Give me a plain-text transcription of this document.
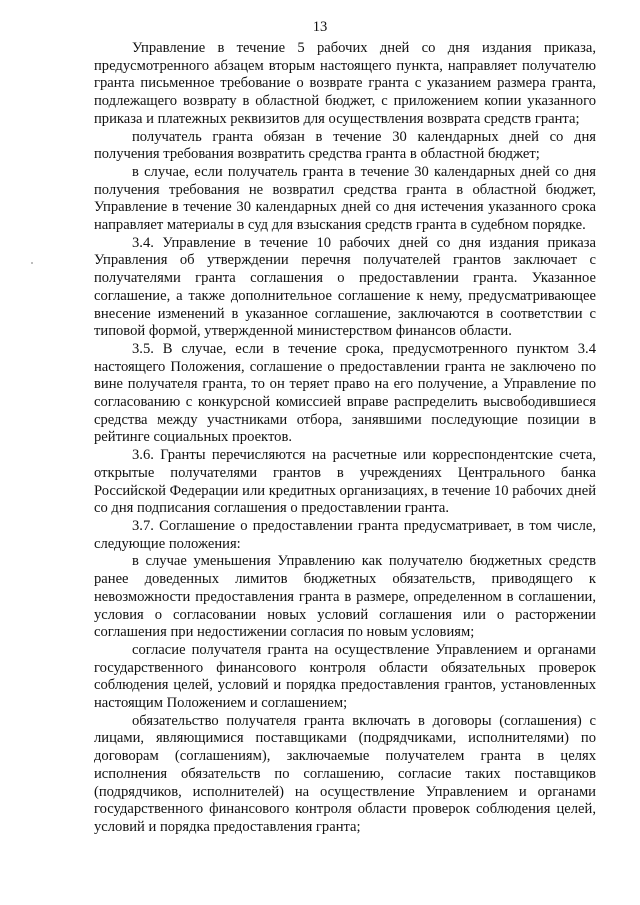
13

Управление в течение 5 рабочих дней со дня издания приказа, предусмотренного абзацем вторым настоящего пункта, направляет получателю гранта письменное требование о возврате гранта с указанием размера гранта, подлежащего возврату в областной бюджет, с приложением копии указанного приказа и платежных реквизитов для осуществления возврата средств гранта;

получатель гранта обязан в течение 30 календарных дней со дня получения требования возвратить средства гранта в областной бюджет;

в случае, если получатель гранта в течение 30 календарных дней со дня получения требования не возвратил средства гранта в областной бюджет, Управление в течение 30 календарных дней со дня истечения указанного срока направляет материалы в суд для взыскания средств гранта в судебном порядке.

3.4. Управление в течение 10 рабочих дней со дня издания приказа Управления об утверждении перечня получателей грантов заключает с получателями гранта соглашения о предоставлении гранта. Указанное соглашение, а также дополнительное соглашение к нему, предусматривающее внесение изменений в указанное соглашение, заключаются в соответствии с типовой формой, утвержденной министерством финансов области.

3.5. В случае, если в течение срока, предусмотренного пунктом 3.4 настоящего Положения, соглашение о предоставлении гранта не заключено по вине получателя гранта, то он теряет право на его получение, а Управление по согласованию с конкурсной комиссией вправе распределить высвободившиеся средства между участниками отбора, занявшими последующие позиции в рейтинге социальных проектов.

3.6. Гранты перечисляются на расчетные или корреспондентские счета, открытые получателями грантов в учреждениях Центрального банка Российской Федерации или кредитных организациях, в течение 10 рабочих дней со дня подписания соглашения о предоставлении гранта.

3.7. Соглашение о предоставлении гранта предусматривает, в том числе, следующие положения:

в случае уменьшения Управлению как получателю бюджетных средств ранее доведенных лимитов бюджетных обязательств, приводящего к невозможности предоставления гранта в размере, определенном в соглашении, условия о согласовании новых условий соглашения или о расторжении соглашения при недостижении согласия по новым условиям;

согласие получателя гранта на осуществление Управлением и органами государственного финансового контроля области обязательных проверок соблюдения целей, условий и порядка предоставления грантов, установленных настоящим Положением и соглашением;

обязательство получателя гранта включать в договоры (соглашения) с лицами, являющимися поставщиками (подрядчиками, исполнителями) по договорам (соглашениям), заключаемые получателем гранта в целях исполнения обязательств по соглашению, согласие таких поставщиков (подрядчиков, исполнителей) на осуществление Управлением и органами государственного финансового контроля области проверок соблюдения целей, условий и порядка предоставления гранта;
